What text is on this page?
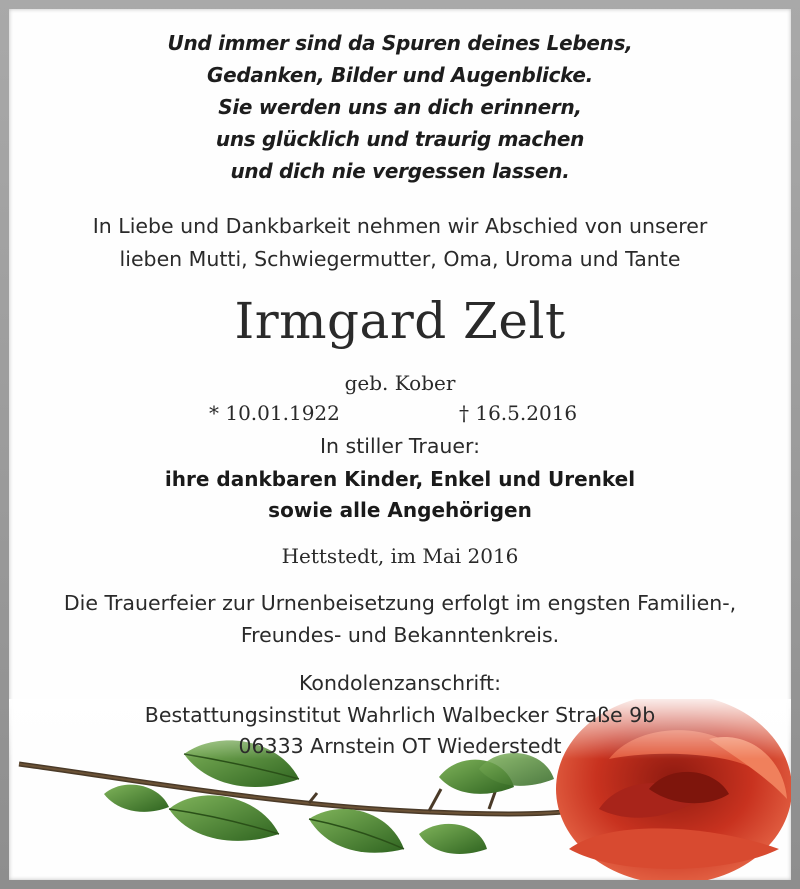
Und immer sind da Spuren deines Lebens,
Gedanken, Bilder und Augenblicke.
Sie werden uns an dich erinnern,
uns glücklich und traurig machen
und dich nie vergessen lassen.
In Liebe und Dankbarkeit nehmen wir Abschied von unserer
lieben Mutti, Schwiegermutter, Oma, Uroma und Tante
Irmgard Zelt
geb. Kober
* 10.01.1922	† 16.5.2016
In stiller Trauer:
ihre dankbaren Kinder, Enkel und Urenkel
sowie alle Angehörigen
Hettstedt, im Mai 2016
Die Trauerfeier zur Urnenbeisetzung erfolgt im engsten Familien-,
Freundes- und Bekanntenkreis.
Kondolenzanschrift:
Bestattungsinstitut Wahrlich Walbecker Straße 9b
06333 Arnstein OT Wiederstedt
